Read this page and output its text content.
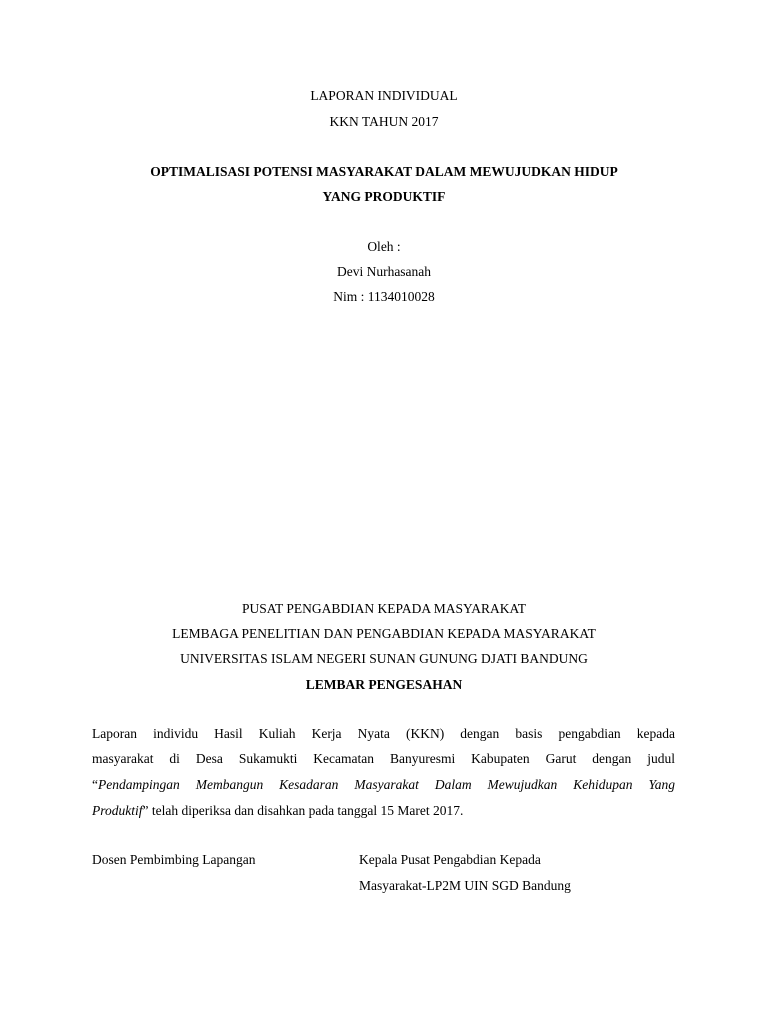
LAPORAN INDIVIDUAL
KKN TAHUN 2017
OPTIMALISASI POTENSI MASYARAKAT DALAM MEWUJUDKAN HIDUP
YANG PRODUKTIF
Oleh :
Devi Nurhasanah
Nim : 1134010028
PUSAT PENGABDIAN KEPADA MASYARAKAT
LEMBAGA PENELITIAN DAN PENGABDIAN KEPADA MASYARAKAT
UNIVERSITAS ISLAM NEGERI SUNAN GUNUNG DJATI BANDUNG
LEMBAR PENGESAHAN
Laporan individu Hasil Kuliah Kerja Nyata (KKN) dengan basis pengabdian kepada
masyarakat di Desa Sukamukti Kecamatan Banyuresmi Kabupaten Garut dengan judul
“Pendampingan Membangun Kesadaran Masyarakat Dalam Mewujudkan Kehidupan Yang
Produktif” telah diperiksa dan disahkan pada tanggal 15 Maret 2017.
Dosen Pembimbing Lapangan	Kepala Pusat Pengabdian Kepada
Masyarakat-LP2M UIN SGD Bandung
